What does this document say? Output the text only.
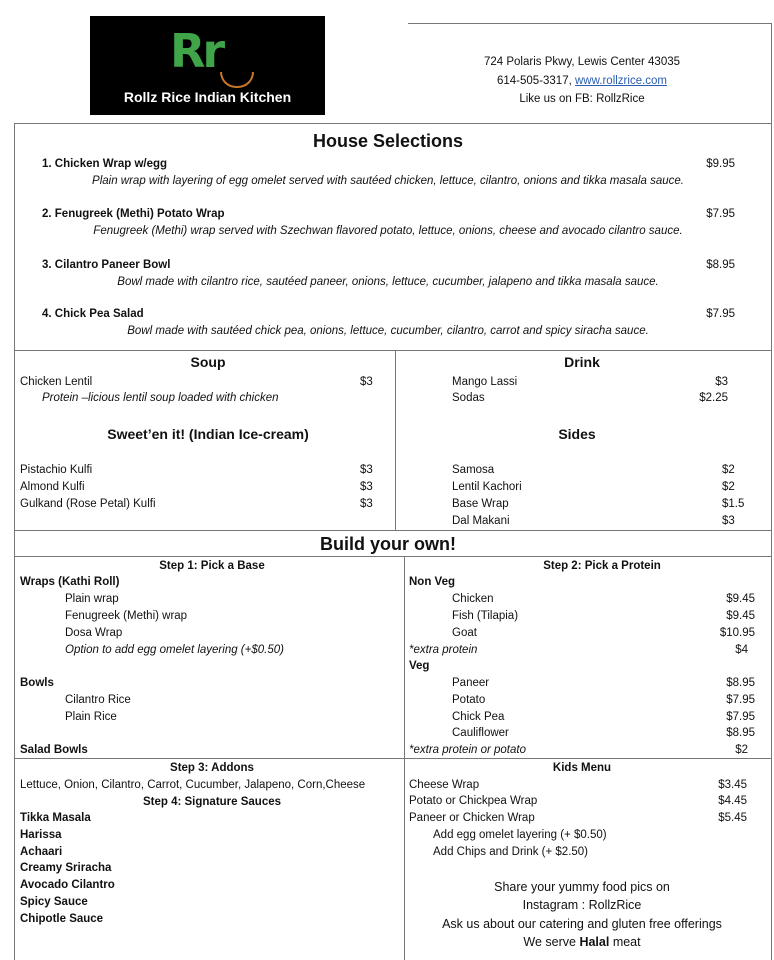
Rr
Rollz Rice Indian Kitchen
724 Polaris Pkwy, Lewis Center 43035
614-505-3317, www.rollzrice.com
Like us on FB: RollzRice
House Selections
1. Chicken Wrap w/egg	$9.95
Plain wrap with layering of egg omelet served with sautéed chicken, lettuce, cilantro, onions and tikka masala sauce.
2. Fenugreek (Methi) Potato Wrap	$7.95
Fenugreek (Methi) wrap served with Szechwan flavored potato, lettuce, onions, cheese and avocado cilantro sauce.
3. Cilantro Paneer Bowl	$8.95
Bowl made with cilantro rice, sautéed paneer, onions, lettuce, cucumber, jalapeno and tikka masala sauce.
4. Chick Pea Salad	$7.95
Bowl made with sautéed chick pea, onions, lettuce, cucumber, cilantro, carrot and spicy siracha sauce.
Soup
Chicken Lentil	$3
Protein –licious lentil soup loaded with chicken
Drink
Sweet’en it! (Indian Ice-cream)	Sides
Mango Lassi	$3
Sodas	$2.25
Pistachio Kulfi	$3
Almond Kulfi	$3
Gulkand (Rose Petal) Kulfi	$3
Samosa	$2
Lentil Kachori	$2
Base Wrap	$1.5
Dal Makani	$3
Build your own!
Step 1: Pick a Base	Step 2: Pick a Protein
Wraps (Kathi Roll)
Plain wrap
Fenugreek (Methi) wrap
Dosa Wrap
Option to add egg omelet layering (+$0.50)
Bowls
Cilantro Rice
Plain Rice
Salad Bowls
Non Veg
*extra protein	$4
Veg
*extra protein or potato	$2
Chicken	$9.45
Fish (Tilapia)	$9.45
Goat	$10.95
Paneer	$8.95
Potato	$7.95
Chick Pea	$7.95
Cauliflower	$8.95
Step 3: Addons
Lettuce, Onion, Cilantro, Carrot, Cucumber, Jalapeno, Corn,Cheese
Step 4: Signature Sauces
Tikka Masala
Harissa
Achaari
Creamy Sriracha
Avocado Cilantro
Spicy Sauce
Chipotle Sauce
Kids Menu
Cheese Wrap	$3.45
Potato or Chickpea Wrap	$4.45
Paneer or Chicken Wrap	$5.45
Add egg omelet layering (+ $0.50)
Add Chips and Drink (+ $2.50)
Share your yummy food pics on
Instagram : RollzRice
Ask us about our catering and gluten free offerings
We serve Halal meat
